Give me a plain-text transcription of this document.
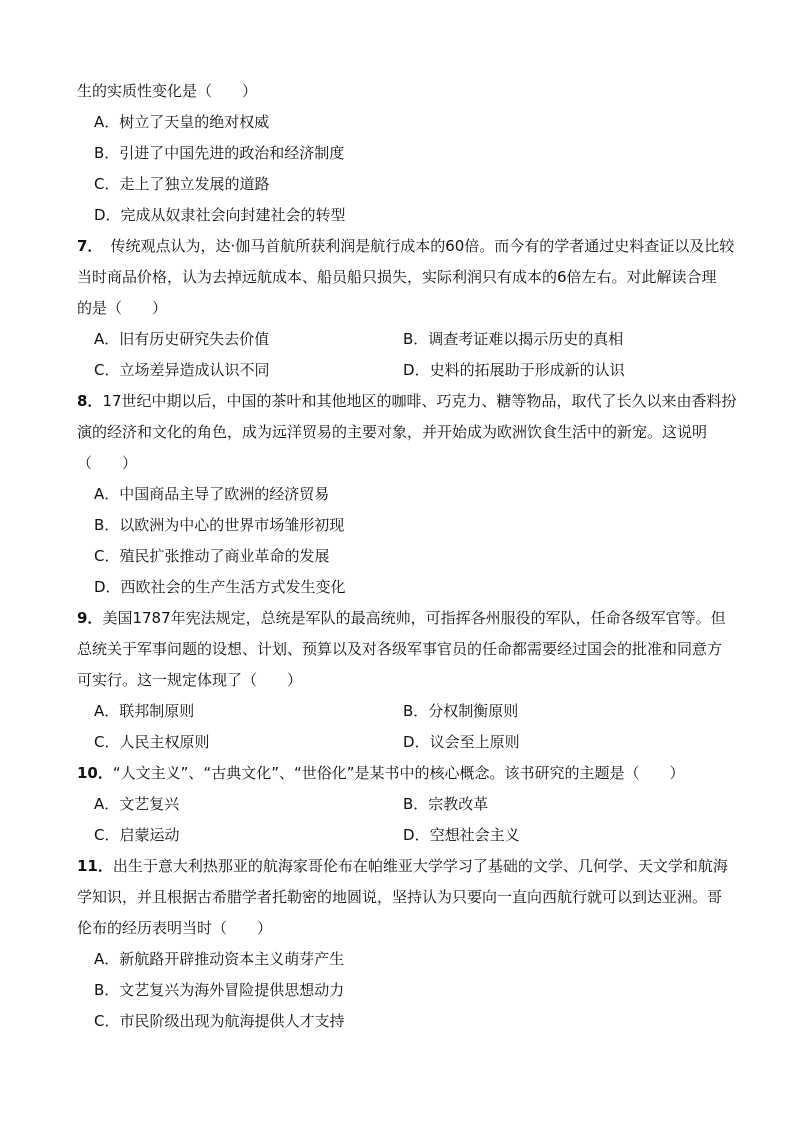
生的实质性变化是（　　）
A．树立了天皇的绝对权威
B．引进了中国先进的政治和经济制度
C．走上了独立发展的道路
D．完成从奴隶社会向封建社会的转型
7． 传统观点认为，达·伽马首航所获利润是航行成本的60倍。而今有的学者通过史料查证以及比较
当时商品价格，认为去掉远航成本、船员船只损失，实际利润只有成本的6倍左右。对此解读合理
的是（　　）
A．旧有历史研究失去价值	B．调查考证难以揭示历史的真相
C．立场差异造成认识不同	D．史料的拓展助于形成新的认识
8．17世纪中期以后，中国的茶叶和其他地区的咖啡、巧克力、糖等物品，取代了长久以来由香料扮
演的经济和文化的角色，成为远洋贸易的主要对象，并开始成为欧洲饮食生活中的新宠。这说明
（　　）
A．中国商品主导了欧洲的经济贸易
B．以欧洲为中心的世界市场雏形初现
C．殖民扩张推动了商业革命的发展
D．西欧社会的生产生活方式发生变化
9．美国1787年宪法规定，总统是军队的最高统帅，可指挥各州服役的军队，任命各级军官等。但
总统关于军事问题的设想、计划、预算以及对各级军事官员的任命都需要经过国会的批准和同意方
可实行。这一规定体现了（　　）
A．联邦制原则	B．分权制衡原则
C．人民主权原则	D．议会至上原则
10．“人文主义”、“古典文化”、“世俗化”是某书中的核心概念。该书研究的主题是（　　）
A．文艺复兴	B．宗教改革
C．启蒙运动	D．空想社会主义
11．出生于意大利热那亚的航海家哥伦布在帕维亚大学学习了基础的文学、几何学、天文学和航海
学知识，并且根据古希腊学者托勒密的地圆说，坚持认为只要向一直向西航行就可以到达亚洲。哥
伦布的经历表明当时（　　）
A．新航路开辟推动资本主义萌芽产生
B．文艺复兴为海外冒险提供思想动力
C．市民阶级出现为航海提供人才支持
